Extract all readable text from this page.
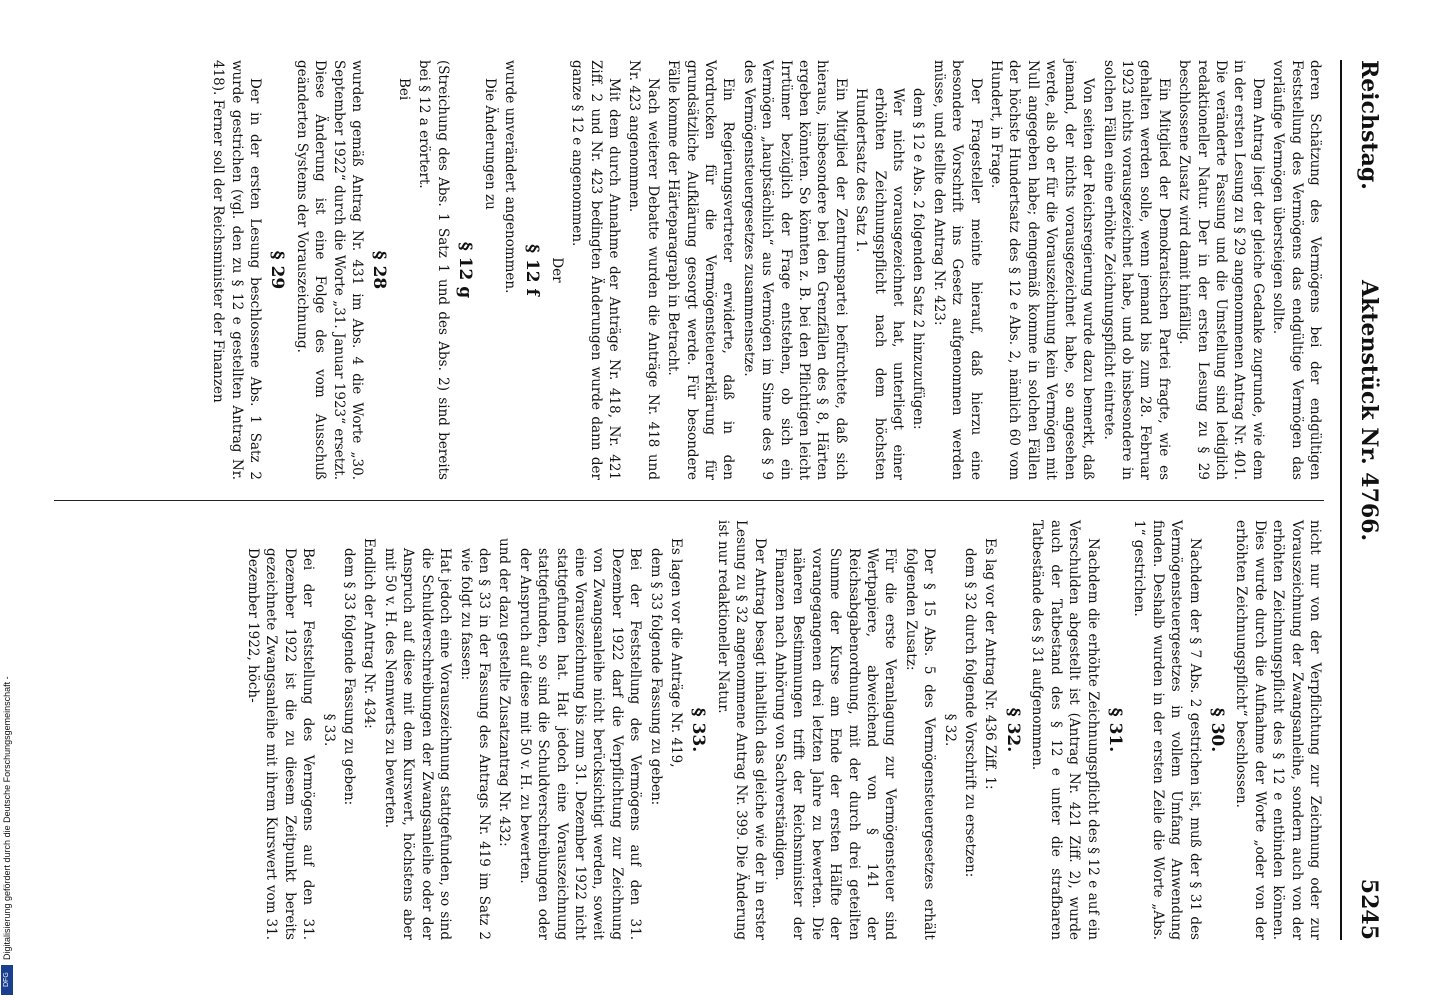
Reichstag.
Aktenstück Nr. 4766.
5245

deren Schätzung des Vermögens bei der endgültigen Feststellung des Vermögens das endgültige Vermögen das vorläufige Vermögen übersteigen sollte.

Dem Antrag liegt der gleiche Gedanke zugrunde, wie dem in der ersten Lesung zu § 29 angenommenen Antrag Nr. 401. Die veränderte Fassung und die Umstellung sind lediglich redaktioneller Natur. Der in der ersten Lesung zu § 29 beschlossene Zusatz wird damit hinfällig.

Ein Mitglied der Demokratischen Partei fragte, wie es gehalten werden solle, wenn jemand bis zum 28. Februar 1923 nichts vorausgezeichnet habe, und ob insbesondere in solchen Fällen eine erhöhte Zeichnungspflicht eintrete.

Von seiten der Reichsregierung wurde dazu bemerkt, daß jemand, der nichts vorausgezeichnet habe, so angesehen werde, als ob er für die Vorauszeichnung kein Vermögen mit Null angegeben habe; demgemäß komme in solchen Fällen der höchste Hundertsatz des § 12 e Abs. 2, nämlich 60 vom Hundert, in Frage.

Der Fragesteller meinte hierauf, daß hierzu eine besondere Vorschrift ins Gesetz aufgenommen werden müsse, und stellte den Antrag Nr. 423:

dem § 12 e Abs. 2 folgenden Satz 2 hinzuzufügen:

Wer nichts vorausgezeichnet hat, unterliegt einer erhöhten Zeichnungspflicht nach dem höchsten Hundertsatz des Satz 1.

Ein Mitglied der Zentrumspartei befürchtete, daß sich hieraus, insbesondere bei den Grenzfällen des § 8, Härten ergeben könnten. So könnten z. B. bei den Pflichtigen leicht Irrtümer bezüglich der Frage entstehen, ob sich ein Vermögen „hauptsächlich“ aus Vermögen im Sinne des § 9 des Vermögensteuergesetzes zusammensetze.

Ein Regierungsvertreter erwiderte, daß in den Vordrucken für die Vermögensteuererklärung für grundsätzliche Aufklärung gesorgt werde. Für besondere Fälle komme der Härteparagraph in Betracht.

Nach weiterer Debatte wurden die Anträge Nr. 418 und Nr. 423 angenommen.

Mit dem durch Annahme der Anträge Nr. 418, Nr. 421 Ziff. 2 und Nr. 423 bedingten Änderungen wurde dann der ganze § 12 e angenommen.

Der

§ 12 f

wurde unverändert angenommen.

Die Änderungen zu

§ 12 g

(Streichung des Abs. 1 Satz 1 und des Abs. 2) sind bereits bei § 12 a erörtert.

Bei

§ 28

wurden gemäß Antrag Nr. 431 im Abs. 4 die Worte „30. September 1922“ durch die Worte „31. Januar 1923“ ersetzt. Diese Änderung ist eine Folge des vom Ausschuß geänderten Systems der Vorauszeichnung.

§ 29

Der in der ersten Lesung beschlossene Abs. 1 Satz 2 wurde gestrichen (vgl. den zu § 12 e gestellten Antrag Nr. 418). Ferner soll der Reichsminister der Finanzen

nicht nur von der Verpflichtung zur Zeichnung oder zur Vorauszeichnung der Zwangsanleihe, sondern auch von der erhöhten Zeichnungspflicht des § 12 e entbinden können. Dies wurde durch die Aufnahme der Worte „oder von der erhöhten Zeichnungspflicht“ beschlossen.

§ 30.

Nachdem der § 7 Abs. 2 gestrichen ist, muß der § 31 des Vermögensteuergesetzes in vollem Umfang Anwendung finden. Deshalb wurden in der ersten Zeile die Worte „Abs. 1“ gestrichen.

§ 31.

Nachdem die erhöhte Zeichnungspflicht des § 12 e auf ein Verschulden abgestellt ist (Antrag Nr. 421 Ziff. 2), wurde auch der Tatbestand des § 12 e unter die strafbaren Tatbestände des § 31 aufgenommen.

§ 32.

Es lag vor der Antrag Nr. 436 Ziff. 1:

dem § 32 durch folgende Vorschrift zu ersetzen:

§ 32.

Der § 15 Abs. 5 des Vermögensteuergesetzes erhält folgenden Zusatz:

Für die erste Veranlagung zur Vermögensteuer sind Wertpapiere, abweichend von § 141 der Reichsabgabenordnung, mit der durch drei geteilten Summe der Kurse am Ende der ersten Hälfte der vorangegangenen drei letzten Jahre zu bewerten. Die näheren Bestimmungen trifft der Reichsminister der Finanzen nach Anhörung von Sachverständigen.

Der Antrag besagt inhaltlich das gleiche wie der in erster Lesung zu § 32 angenommene Antrag Nr. 399. Die Änderung ist nur redaktioneller Natur.

§ 33.

Es lagen vor die Anträge Nr. 419,

dem § 33 folgende Fassung zu geben:

Bei der Feststellung des Vermögens auf den 31. Dezember 1922 darf die Verpflichtung zur Zeichnung von Zwangsanleihe nicht berücksichtigt werden, soweit eine Vorauszeichnung bis zum 31. Dezember 1922 nicht stattgefunden hat. Hat jedoch eine Vorauszeichnung stattgefunden, so sind die Schuldverschreibungen oder der Anspruch auf diese mit 50 v. H. zu bewerten.

und der dazu gestellte Zusatzantrag Nr. 432:

den § 33 in der Fassung des Antrags Nr. 419 im Satz 2 wie folgt zu fassen:

Hat jedoch eine Vorauszeichnung stattgefunden, so sind die Schuldverschreibungen der Zwangsanleihe oder der Anspruch auf diese mit dem Kurswert, höchstens aber mit 50 v. H. des Nennwerts zu bewerten.

Endlich der Antrag Nr. 434:

dem § 33 folgende Fassung zu geben:

§ 33.

Bei der Feststellung des Vermögens auf den 31. Dezember 1922 ist die zu diesem Zeitpunkt bereits gezeichnete Zwangsanleihe mit ihrem Kurswert vom 31. Dezember 1922, höch-

Digitalisierung gefördert durch die Deutsche Forschungsgemeinschaft -
DFG
